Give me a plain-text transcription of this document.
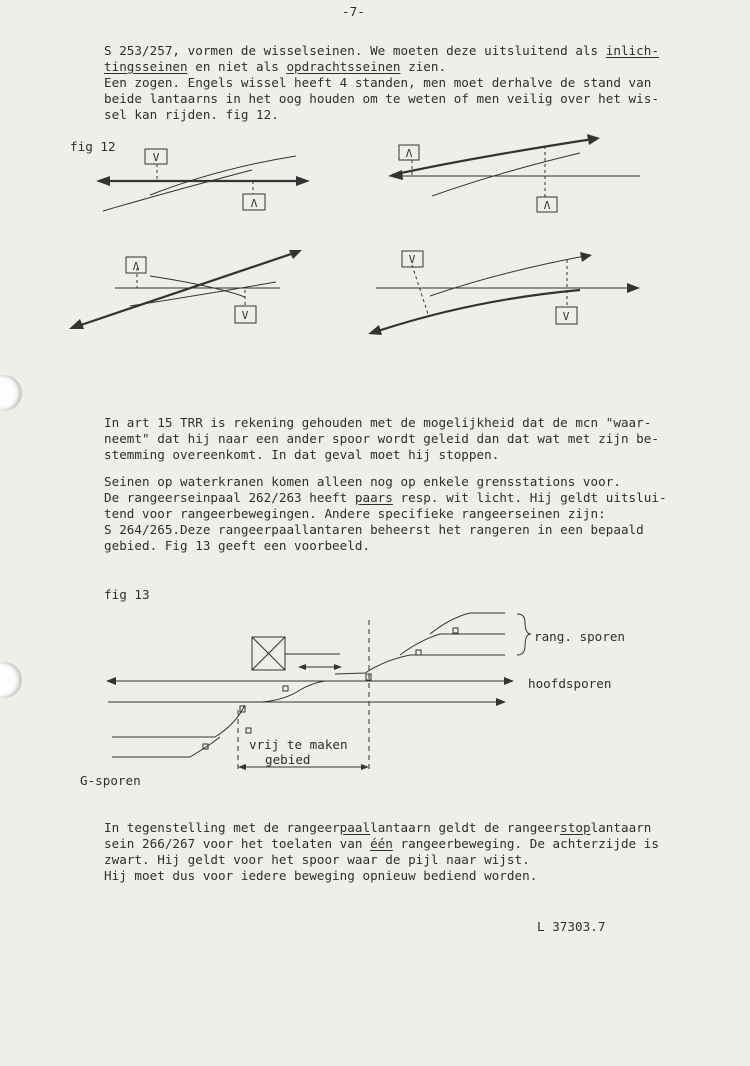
-7-
S 253/257, vormen de wisselseinen. We moeten deze uitsluitend als inlich-
tingsseinen en niet als opdrachtsseinen zien.
Een zogen. Engels wissel heeft 4 standen, men moet derhalve de stand van
beide lantaarns in het oog houden om te weten of men veilig over het wis-
sel kan rijden. fig 12.
fig 12
V
Λ
Λ
Λ
Λ
V
V
V
In art 15 TRR is rekening gehouden met de mogelijkheid dat de mcn "waar-
neemt" dat hij naar een ander spoor wordt geleid dan dat wat met zijn be-
stemming overeenkomt. In dat geval moet hij stoppen.
Seinen op waterkranen komen alleen nog op enkele grensstations voor.
De rangeerseinpaal 262/263 heeft paars resp. wit licht. Hij geldt uitslui-
tend voor rangeerbewegingen. Andere specifieke rangeerseinen zijn:
S 264/265.Deze rangeerpaallantaren beheerst het rangeren in een bepaald
gebied. Fig 13 geeft een voorbeeld.
fig 13
rang. sporen
hoofdsporen
vrij te maken
gebied
G-sporen
In tegenstelling met de rangeerpaallantaarn geldt de rangeerstoplantaarn
sein 266/267 voor het toelaten van één rangeerbeweging. De achterzijde is
zwart. Hij geldt voor het spoor waar de pijl naar wijst.
Hij moet dus voor iedere beweging opnieuw bediend worden.
L 37303.7
